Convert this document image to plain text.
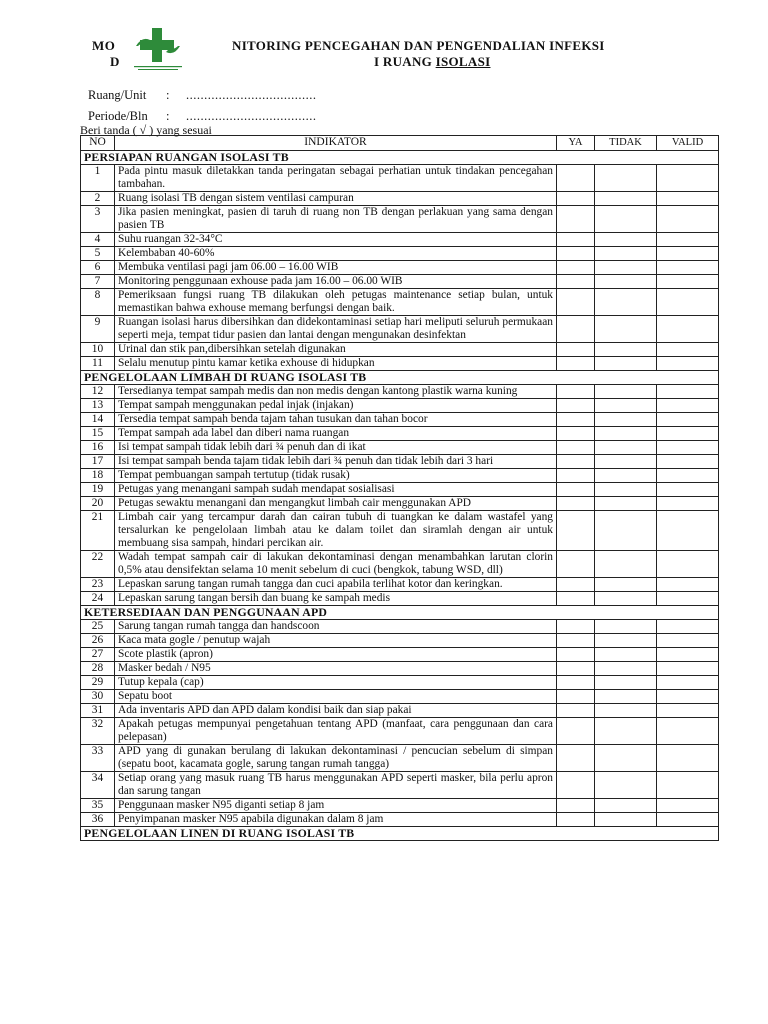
MO
D
NITORING PENCEGAHAN DAN PENGENDALIAN INFEKSI
I RUANG ISOLASI
Ruang/Unit : ....................................
Periode/Bln : ....................................
Beri tanda ( √ ) yang sesuai
NO	INDIKATOR	YA	TIDAK	VALID
PERSIAPAN RUANGAN ISOLASI TB				
1	Pada pintu masuk diletakkan tanda peringatan sebagai perhatian untuk tindakan pencegahan tambahan.			
2	Ruang isolasi TB dengan sistem ventilasi campuran			
3	Jika pasien meningkat, pasien di taruh di ruang non TB dengan perlakuan yang sama dengan pasien TB			
4	Suhu ruangan 32-34°C			
5	Kelembaban 40-60%			
6	Membuka ventilasi pagi jam 06.00 – 16.00 WIB			
7	Monitoring penggunaan exhouse pada jam 16.00 – 06.00 WIB			
8	Pemeriksaan fungsi ruang TB dilakukan oleh petugas maintenance setiap bulan, untuk memastikan bahwa exhouse memang berfungsi dengan baik.			
9	Ruangan isolasi harus dibersihkan dan didekontaminasi setiap hari meliputi seluruh permukaan seperti meja, tempat tidur pasien dan lantai dengan mengunakan desinfektan			
10	Urinal dan stik pan,dibersihkan setelah digunakan			
11	Selalu menutup pintu kamar ketika exhouse di hidupkan			
PENGELOLAAN LIMBAH DI RUANG ISOLASI TB				
12	Tersedianya tempat sampah medis dan non medis dengan kantong plastik warna kuning			
13	Tempat sampah menggunakan pedal injak (injakan)			
14	Tersedia tempat sampah benda tajam tahan tusukan dan tahan bocor			
15	Tempat sampah ada label dan diberi nama ruangan			
16	Isi tempat sampah tidak lebih dari ¾ penuh dan di ikat			
17	Isi tempat sampah benda tajam tidak lebih dari ¾ penuh dan tidak lebih dari 3 hari			
18	Tempat pembuangan sampah tertutup (tidak rusak)			
19	Petugas yang menangani sampah sudah mendapat sosialisasi			
20	Petugas sewaktu menangani dan mengangkut limbah cair menggunakan APD			
21	Limbah cair yang tercampur darah dan cairan tubuh di tuangkan ke dalam wastafel yang tersalurkan ke pengelolaan limbah atau ke dalam toilet dan siramlah dengan air untuk membuang sisa sampah, hindari percikan air.			
22	Wadah tempat sampah cair di lakukan dekontaminasi dengan menambahkan larutan clorin 0,5% atau densifektan selama 10 menit sebelum di cuci (bengkok, tabung WSD, dll)			
23	Lepaskan sarung tangan rumah tangga dan cuci apabila terlihat kotor dan keringkan.			
24	Lepaskan sarung tangan bersih dan buang ke sampah medis			
KETERSEDIAAN DAN PENGGUNAAN APD				
25	Sarung tangan rumah tangga dan handscoon			
26	Kaca mata gogle / penutup wajah			
27	Scote plastik (apron)			
28	Masker bedah / N95			
29	Tutup kepala (cap)			
30	Sepatu boot			
31	Ada inventaris APD dan APD dalam kondisi baik dan siap pakai			
32	Apakah petugas mempunyai pengetahuan tentang APD (manfaat, cara penggunaan dan cara pelepasan)			
33	APD yang di gunakan berulang di lakukan dekontaminasi / pencucian sebelum di simpan (sepatu boot, kacamata gogle, sarung tangan rumah tangga)			
34	Setiap orang yang masuk ruang TB harus menggunakan APD seperti masker, bila perlu apron dan sarung tangan			
35	Penggunaan masker N95 diganti setiap 8 jam			
36	Penyimpanan masker N95 apabila digunakan dalam 8 jam			
PENGELOLAAN LINEN DI RUANG ISOLASI TB				
